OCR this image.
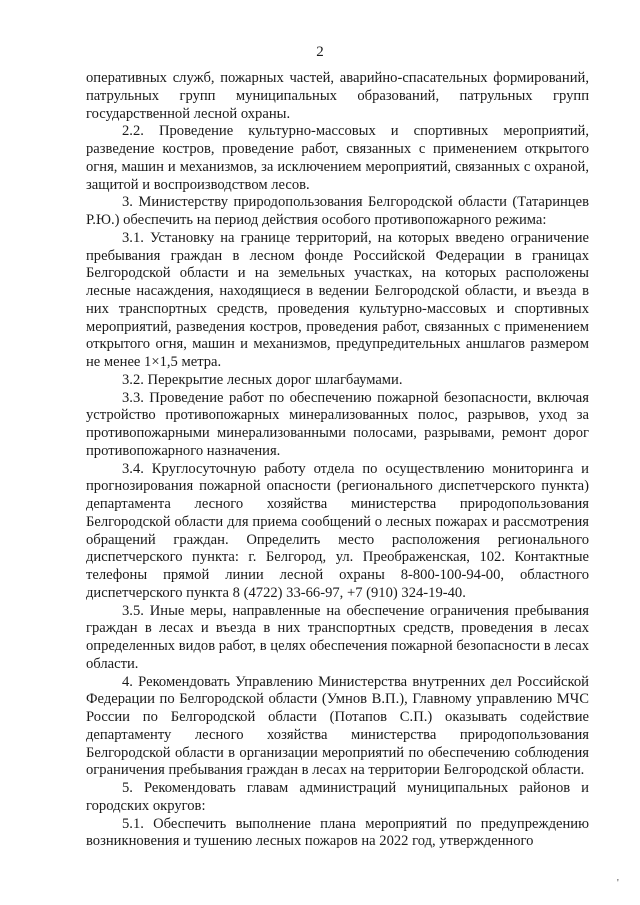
2

оперативных служб, пожарных частей, аварийно-спасательных формирований, патрульных групп муниципальных образований, патрульных групп государственной лесной охраны.

2.2. Проведение культурно-массовых и спортивных мероприятий, разведение костров, проведение работ, связанных с применением открытого огня, машин и механизмов, за исключением мероприятий, связанных с охраной, защитой и воспроизводством лесов.

3. Министерству природопользования Белгородской области (Татаринцев Р.Ю.) обеспечить на период действия особого противопожарного режима:

3.1. Установку на границе территорий, на которых введено ограничение пребывания граждан в лесном фонде Российской Федерации в границах Белгородской области и на земельных участках, на которых расположены лесные насаждения, находящиеся в ведении Белгородской области, и въезда в них транспортных средств, проведения культурно-массовых и спортивных мероприятий, разведения костров, проведения работ, связанных с применением открытого огня, машин и механизмов, предупредительных аншлагов размером не менее 1×1,5 метра.

3.2. Перекрытие лесных дорог шлагбаумами.

3.3. Проведение работ по обеспечению пожарной безопасности, включая устройство противопожарных минерализованных полос, разрывов, уход за противопожарными минерализованными полосами, разрывами, ремонт дорог противопожарного назначения.

3.4. Круглосуточную работу отдела по осуществлению мониторинга и прогнозирования пожарной опасности (регионального диспетчерского пункта) департамента лесного хозяйства министерства природопользования Белгородской области для приема сообщений о лесных пожарах и рассмотрения обращений граждан. Определить место расположения регионального диспетчерского пункта: г. Белгород, ул. Преображенская, 102. Контактные телефоны прямой линии лесной охраны 8-800-100-94-00, областного диспетчерского пункта 8 (4722) 33-66-97, +7 (910) 324-19-40.

3.5. Иные меры, направленные на обеспечение ограничения пребывания граждан в лесах и въезда в них транспортных средств, проведения в лесах определенных видов работ, в целях обеспечения пожарной безопасности в лесах области.

4. Рекомендовать Управлению Министерства внутренних дел Российской Федерации по Белгородской области (Умнов В.П.), Главному управлению МЧС России по Белгородской области (Потапов С.П.) оказывать содействие департаменту лесного хозяйства министерства природопользования Белгородской области в организации мероприятий по обеспечению соблюдения ограничения пребывания граждан в лесах на территории Белгородской области.

5. Рекомендовать главам администраций муниципальных районов и городских округов:

5.1. Обеспечить выполнение плана мероприятий по предупреждению возникновения и тушению лесных пожаров на 2022 год, утвержденного

'
